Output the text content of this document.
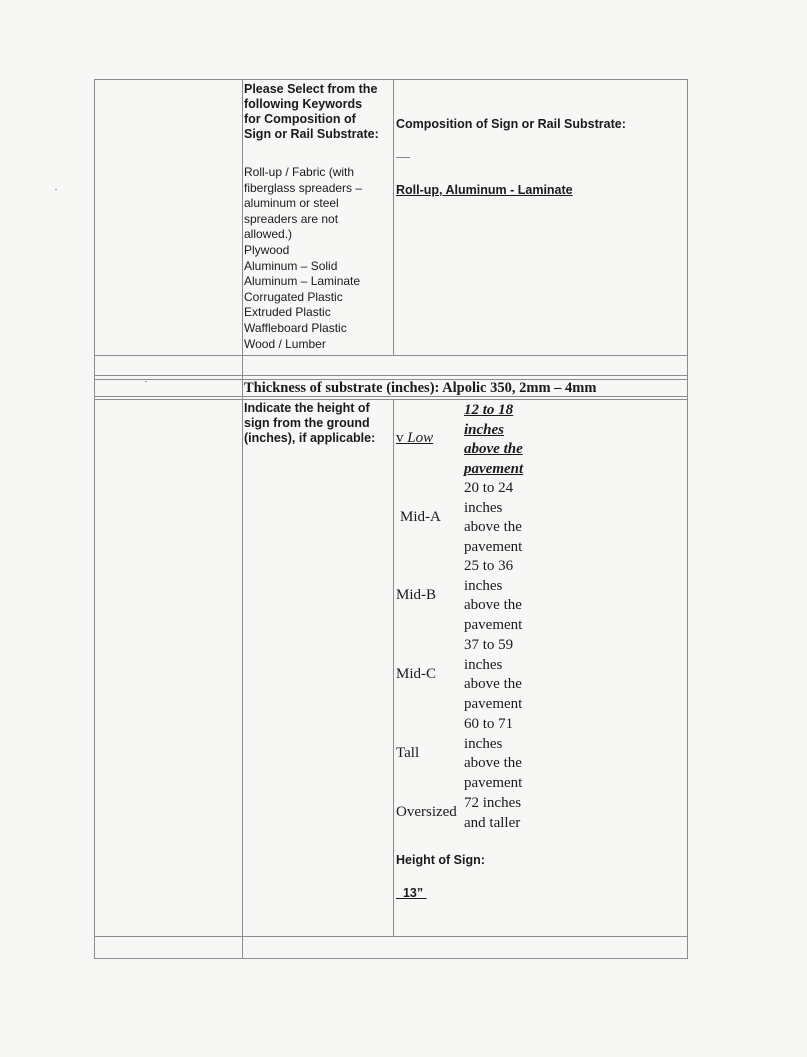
Please Select from the
following Keywords
for Composition of
Sign or Rail Substrate:
Roll-up / Fabric (with
fiberglass spreaders –
aluminum or steel
spreaders are not
allowed.)
Plywood
Aluminum – Solid
Aluminum – Laminate
Corrugated Plastic
Extruded Plastic
Waffleboard Plastic
Wood / Lumber
Composition of Sign or Rail Substrate:
__
Roll-up, Aluminum - Laminate
Thickness of substrate (inches): Alpolic 350, 2mm – 4mm
Indicate the height of
sign from the ground
(inches), if applicable: v Low
12 to 18
inches
above the
pavement
Mid-A
20 to 24
inches
above the
pavement
Mid-B
25 to 36
inches
above the
pavement
Mid-C
37 to 59
inches
above the
pavement
Tall
60 to 71
inches
above the
pavement
Oversized
72 inches
and taller
Height of Sign:
13”
